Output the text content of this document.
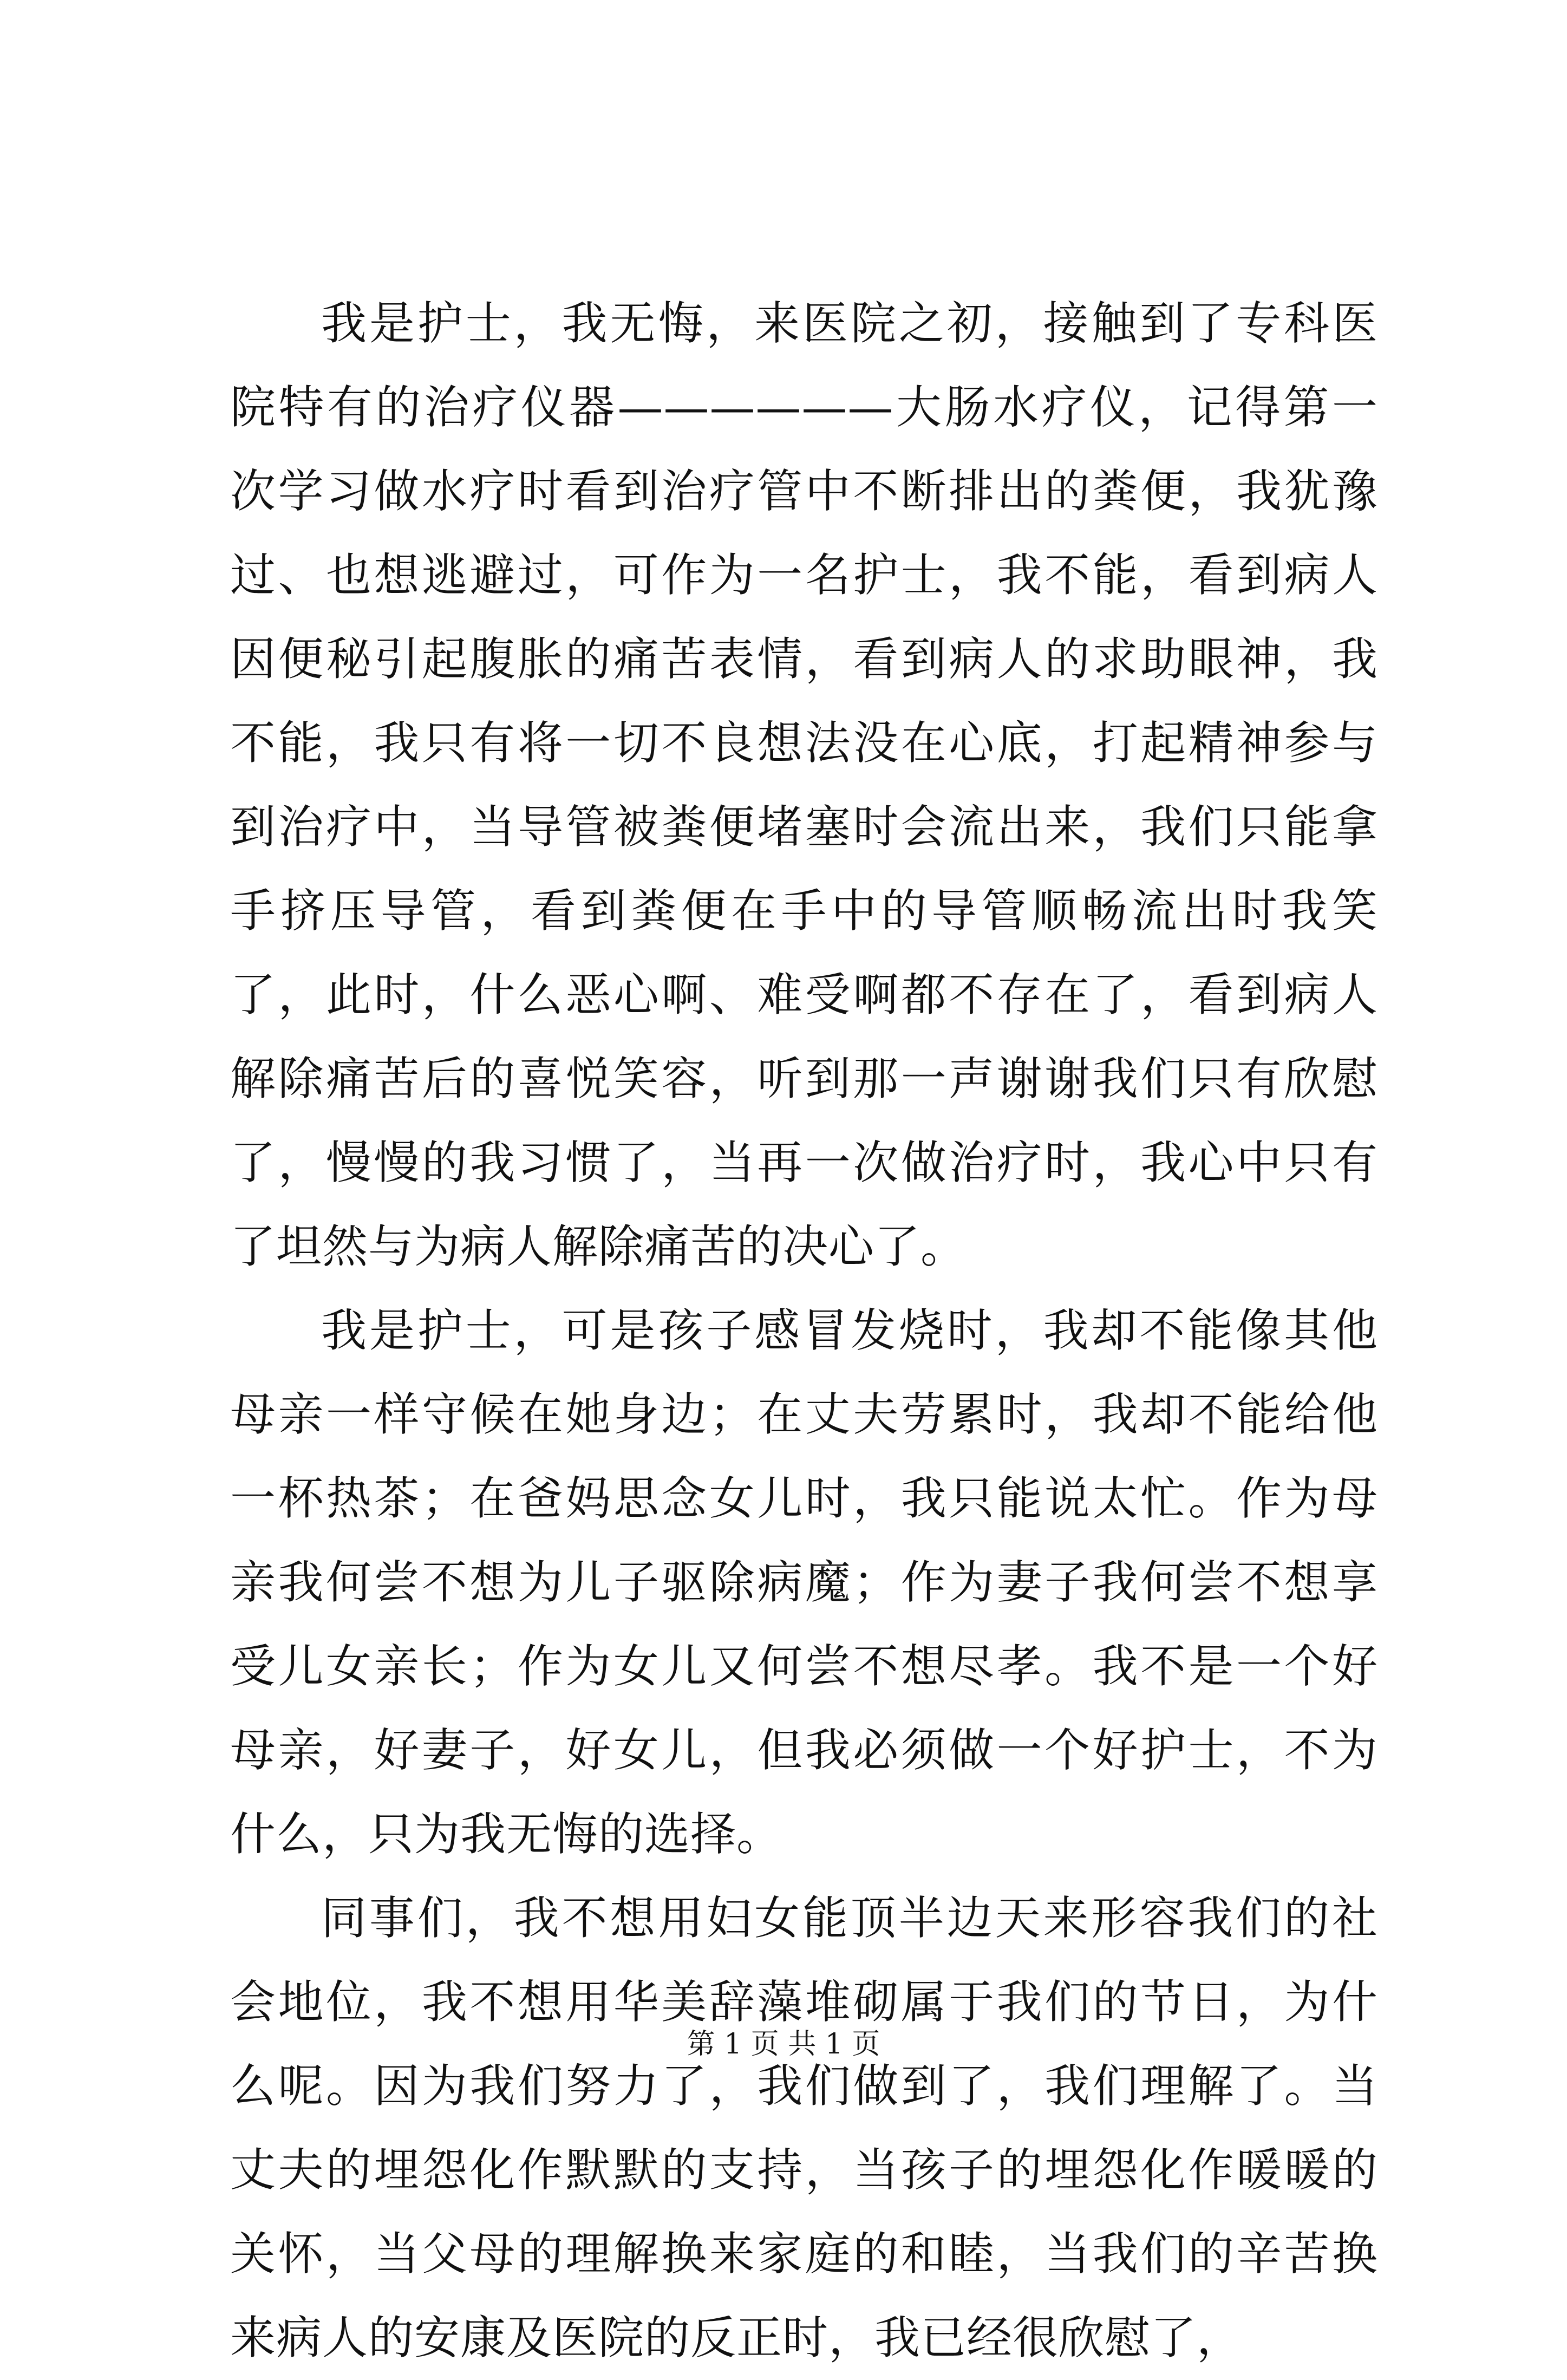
我是护士，我无悔，来医院之初，接触到了专科医院特有的治疗仪器——————大肠水疗仪，记得第一次学习做水疗时看到治疗管中不断排出的粪便，我犹豫过、也想逃避过，可作为一名护士，我不能，看到病人因便秘引起腹胀的痛苦表情，看到病人的求助眼神，我不能，我只有将一切不良想法没在心底，打起精神参与到治疗中，当导管被粪便堵塞时会流出来，我们只能拿手挤压导管，看到粪便在手中的导管顺畅流出时我笑了，此时，什么恶心啊、难受啊都不存在了，看到病人解除痛苦后的喜悦笑容，听到那一声谢谢我们只有欣慰了，慢慢的我习惯了，当再一次做治疗时，我心中只有了坦然与为病人解除痛苦的决心了。

我是护士，可是孩子感冒发烧时，我却不能像其他母亲一样守候在她身边；在丈夫劳累时，我却不能给他一杯热茶；在爸妈思念女儿时，我只能说太忙。作为母亲我何尝不想为儿子驱除病魔；作为妻子我何尝不想享受儿女亲长；作为女儿又何尝不想尽孝。我不是一个好母亲，好妻子，好女儿，但我必须做一个好护士，不为什么，只为我无悔的选择。

同事们，我不想用妇女能顶半边天来形容我们的社会地位，我不想用华美辞藻堆砌属于我们的节日，为什么呢。因为我们努力了，我们做到了，我们理解了。当丈夫的埋怨化作默默的支持，当孩子的埋怨化作暖暖的关怀，当父母的理解换来家庭的和睦，当我们的辛苦换来病人的安康及医院的反正时，我已经很欣慰了，

第 1 页 共 1 页
